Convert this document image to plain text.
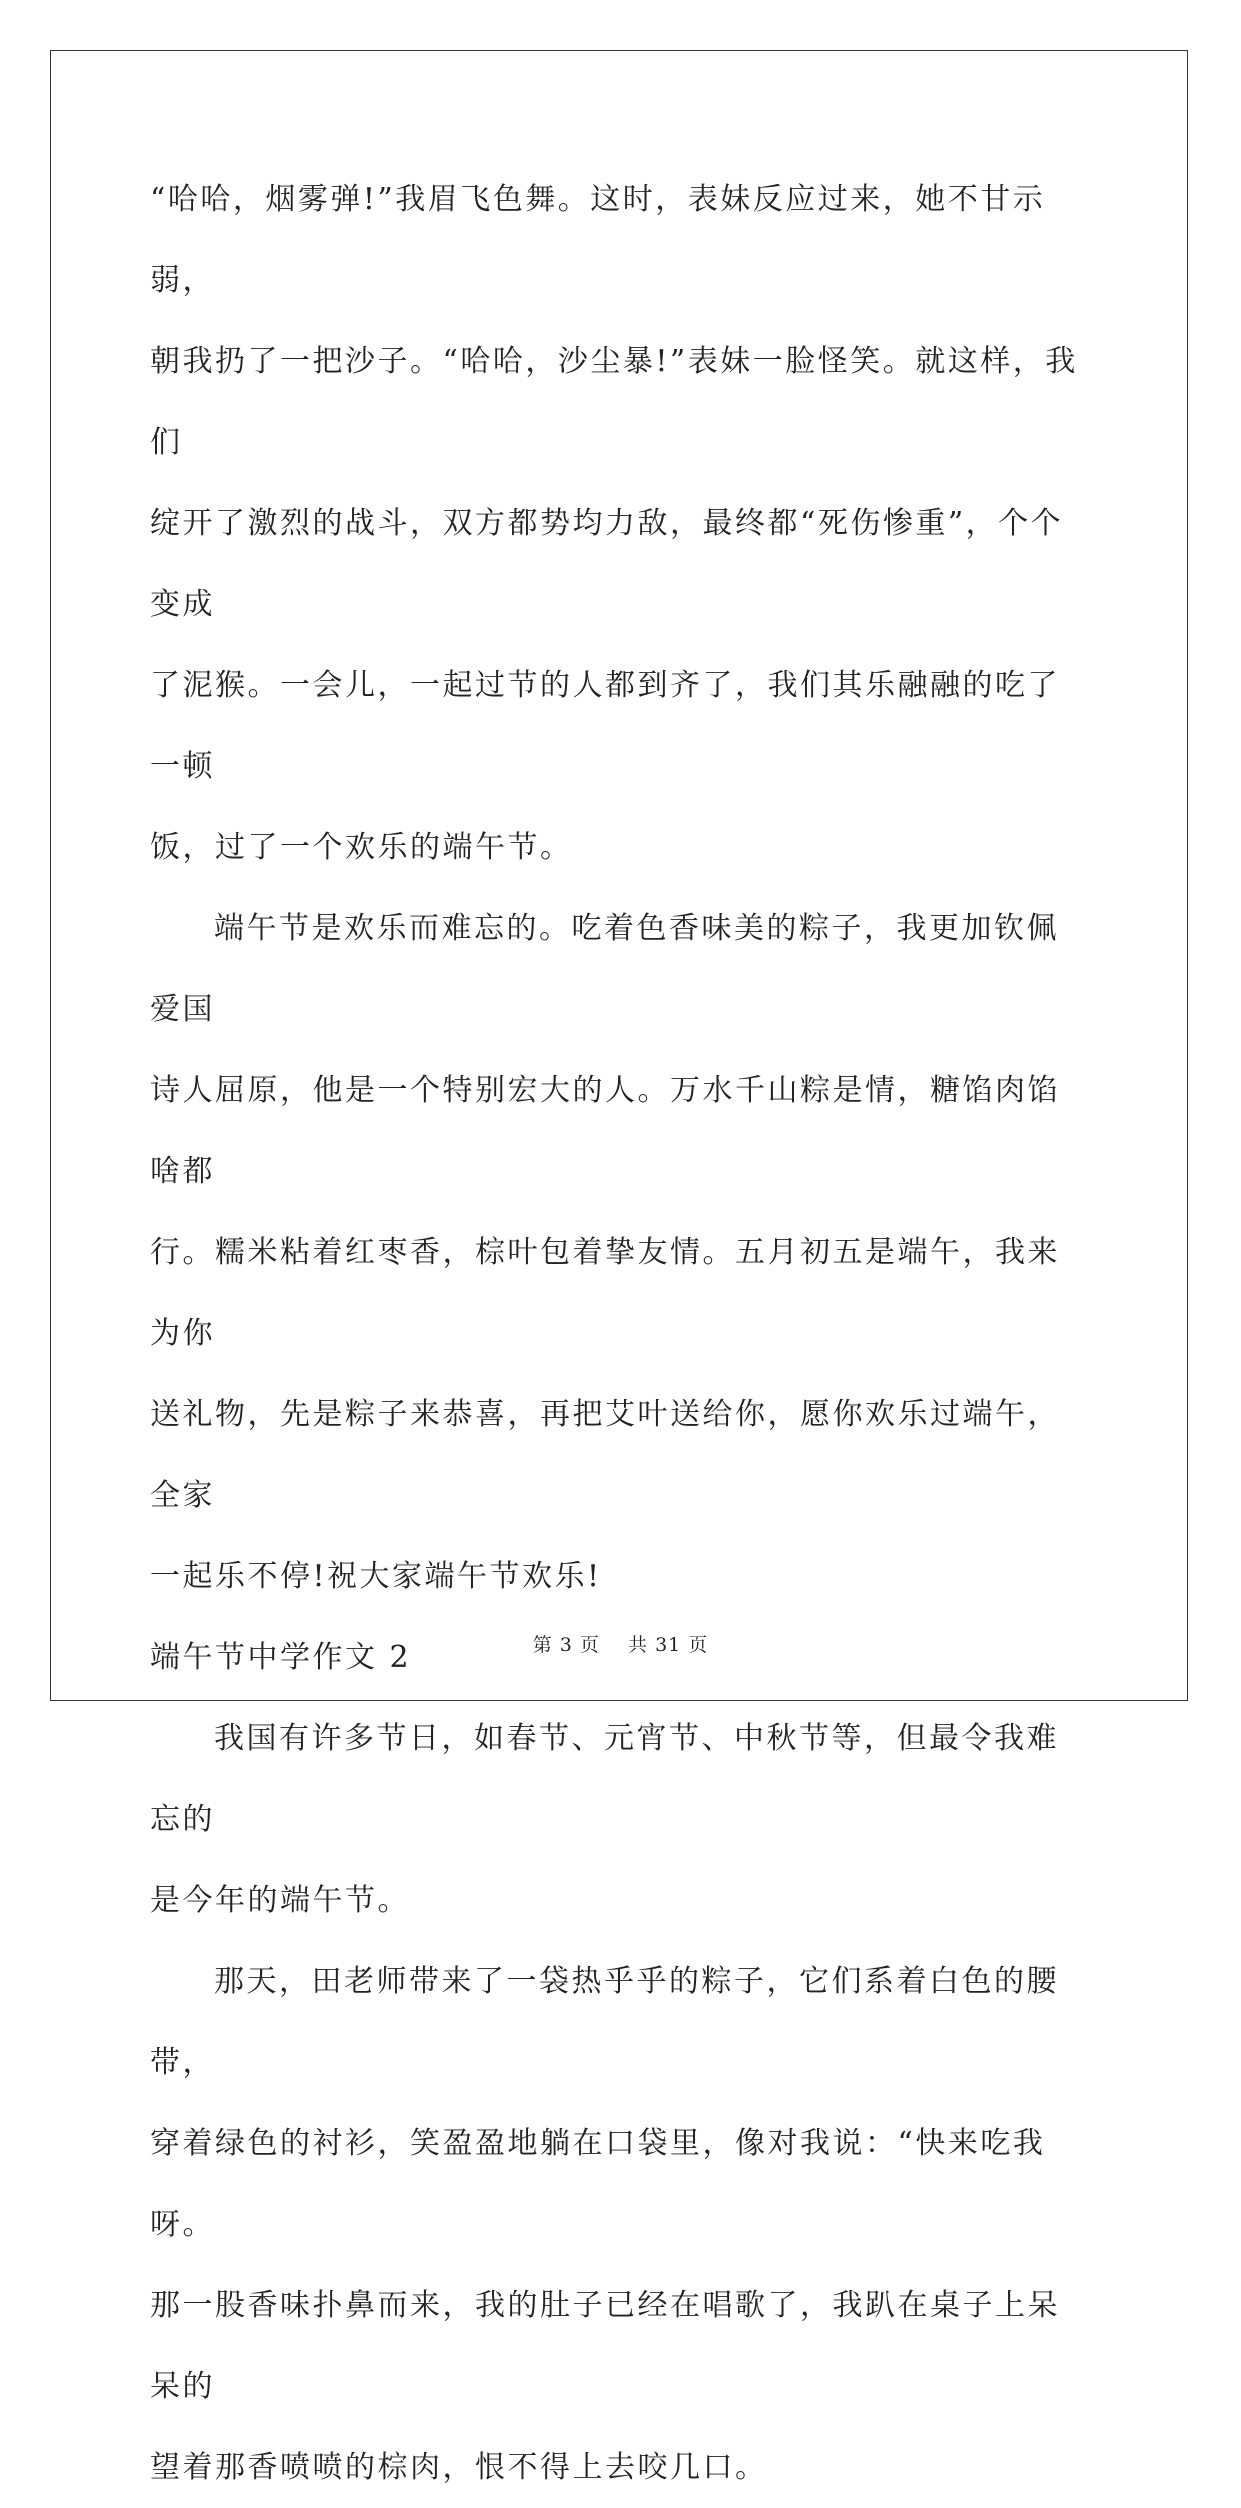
“哈哈，烟雾弹!”我眉飞色舞。这时，表妹反应过来，她不甘示弱，

朝我扔了一把沙子。“哈哈，沙尘暴!”表妹一脸怪笑。就这样，我们

绽开了激烈的战斗，双方都势均力敌，最终都“死伤惨重”，个个变成

了泥猴。一会儿，一起过节的人都到齐了，我们其乐融融的吃了一顿

饭，过了一个欢乐的端午节。

端午节是欢乐而难忘的。吃着色香味美的粽子，我更加钦佩爱国

诗人屈原，他是一个特别宏大的人。万水千山粽是情，糖馅肉馅啥都

行。糯米粘着红枣香，棕叶包着挚友情。五月初五是端午，我来为你

送礼物，先是粽子来恭喜，再把艾叶送给你，愿你欢乐过端午，全家

一起乐不停!祝大家端午节欢乐!

端午节中学作文 2

我国有许多节日，如春节、元宵节、中秋节等，但最令我难忘的

是今年的端午节。

那天，田老师带来了一袋热乎乎的粽子，它们系着白色的腰带，

穿着绿色的衬衫，笑盈盈地躺在口袋里，像对我说：“快来吃我呀。

那一股香味扑鼻而来，我的肚子已经在唱歌了，我趴在桌子上呆呆的

望着那香喷喷的棕肉，恨不得上去咬几口。

第 3 页 共 31 页
